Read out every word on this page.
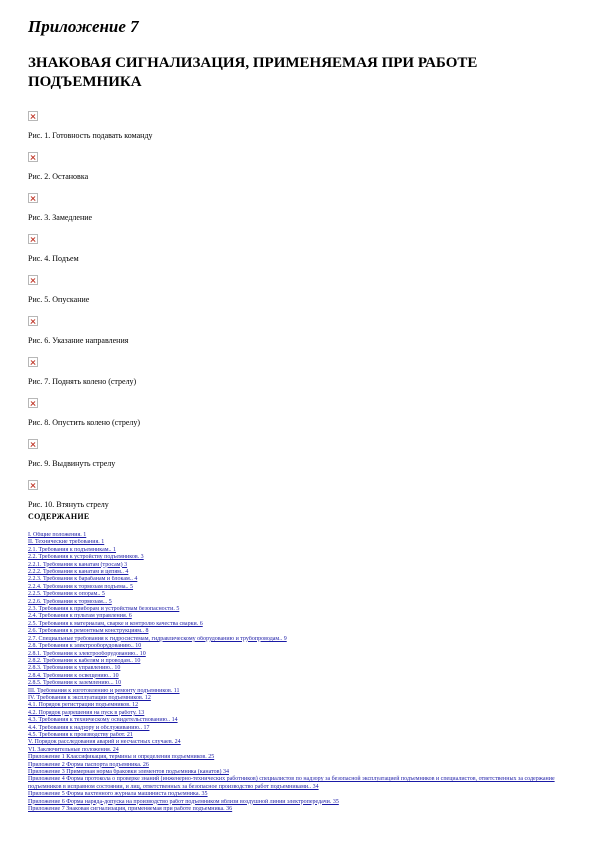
Приложение 7
ЗНАКОВАЯ СИГНАЛИЗАЦИЯ, ПРИМЕНЯЕМАЯ ПРИ РАБОТЕ ПОДЪЕМНИКА
Рис. 1. Готовность подавать команду
Рис. 2. Остановка
Рис. 3. Замедление
Рис. 4. Подъем
Рис. 5. Опускание
Рис. 6. Указание направления
Рис. 7. Поднять колено (стрелу)
Рис. 8. Опустить колено (стрелу)
Рис. 9. Выдвинуть стрелу
Рис. 10. Втянуть стрелу
СОДЕРЖАНИЕ
I. Общие положения. 1
II. Технические требования. 1
2.1. Требования к подъемникам.. 1
2.2. Требования к устройству подъемников. 3
2.2.1. Требования к канатам (тросам) 3
2.2.2. Требования к канатам и цепям.. 4
2.2.3. Требования к барабанам и блокам.. 4
2.2.4. Требования к тормозам подъема.. 5
2.2.5. Требования к опорам.. 5
2.2.6. Требования к тормозам... 5
2.3. Требования к приборам и устройствам безопасности. 5
2.4. Требования к пультам управления. 6
2.5. Требования к материалам, сварке и контролю качества сварки. 6
2.6. Требования к ремонтным конструкциям.. 8
2.7. Специальные требования к гидросистемам, гидравлическому оборудованию и трубопроводам.. 9
2.8. Требования к электрооборудованию.. 10
2.8.1. Требования к электрооборудованию.. 10
2.8.2. Требования к кабелям и проводам.. 10
2.8.3. Требования к управлению.. 10
2.8.4. Требования к освещению.. 10
2.8.5. Требования к заземлению... 10
III. Требования к изготовлению и ремонту подъемников. 11
IV. Требования к эксплуатации подъемников. 12
4.1. Порядок регистрации подъемников. 12
4.2. Порядок разрешения на пуск в работу. 13
4.3. Требования к техническому освидетельствованию.. 14
4.4. Требования к надзору и обслуживанию.. 17
4.5. Требования к производству работ. 21
V. Порядок расследования аварий и несчастных случаев. 24
VI. Заключительные положения. 24
Приложение 1 Классификация, термины и определения подъемников. 25
Приложение 2 Форма паспорта подъемника. 26
Приложение 3 Примерная норма браковки элементов подъемника (канатов) 34
Приложение 4 Форма протокола о проверке знаний (инженерно-технических работников) специалистов по надзору за безопасной эксплуатацией подъемников и специалистов, ответственных за содержание подъемников в исправном состоянии, и лиц, ответственных за безопасное производство работ подъемниками.. 34
Приложение 5 Форма вахтенного журнала машиниста подъемника. 35
Приложение 6 Форма наряда-допуска на производство работ подъемником вблизи воздушной линии электропередачи. 35
Приложение 7 Знаковая сигнализация, применяемая при работе подъемника. 36
